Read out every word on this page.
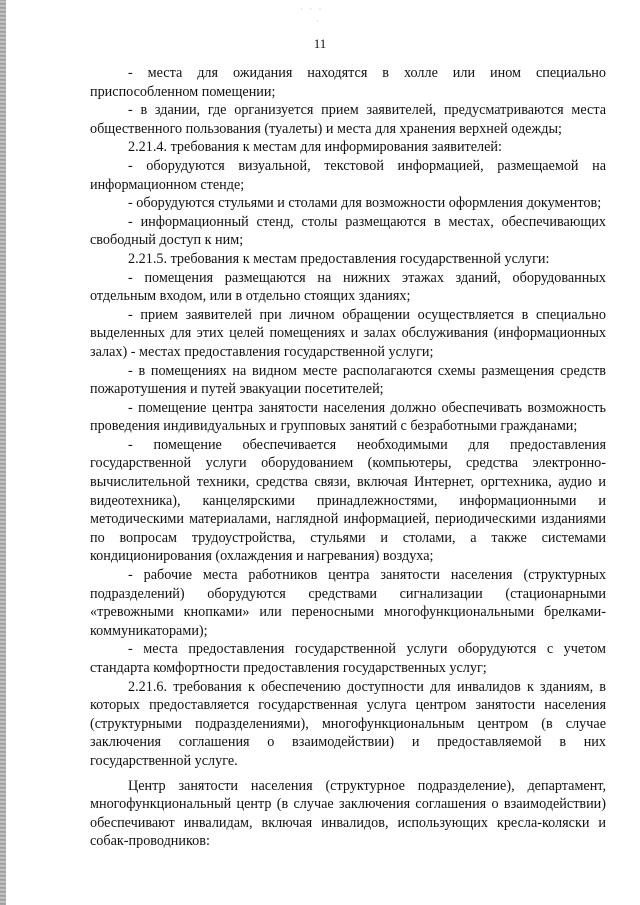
· · ·
·
11

- места для ожидания находятся в холле или ином специально приспособленном помещении;

- в здании, где организуется прием заявителей, предусматриваются места общественного пользования (туалеты) и места для хранения верхней одежды;

2.21.4. требования к местам для информирования заявителей:

- оборудуются визуальной, текстовой информацией, размещаемой на информационном стенде;

- оборудуются стульями и столами для возможности оформления документов;

- информационный стенд, столы размещаются в местах, обеспечивающих свободный доступ к ним;

2.21.5. требования к местам предоставления государственной услуги:

- помещения размещаются на нижних этажах зданий, оборудованных отдельным входом, или в отдельно стоящих зданиях;

- прием заявителей при личном обращении осуществляется в специально выделенных для этих целей помещениях и залах обслуживания (информационных залах) - местах предоставления государственной услуги;

- в помещениях на видном месте располагаются схемы размещения средств пожаротушения и путей эвакуации посетителей;

- помещение центра занятости населения должно обеспечивать возможность проведения индивидуальных и групповых занятий с безработными гражданами;

- помещение обеспечивается необходимыми для предоставления государственной услуги оборудованием (компьютеры, средства электронно-вычислительной техники, средства связи, включая Интернет, оргтехника, аудио и видеотехника), канцелярскими принадлежностями, информационными и методическими материалами, наглядной информацией, периодическими изданиями по вопросам трудоустройства, стульями и столами, а также системами кондиционирования (охлаждения и нагревания) воздуха;

- рабочие места работников центра занятости населения (структурных подразделений) оборудуются средствами сигнализации (стационарными «тревожными кнопками» или переносными многофункциональными брелками-коммуникаторами);

- места предоставления государственной услуги оборудуются с учетом стандарта комфортности предоставления государственных услуг;

2.21.6. требования к обеспечению доступности для инвалидов к зданиям, в которых предоставляется государственная услуга центром занятости населения (структурными подразделениями), многофункциональным центром (в случае заключения соглашения о взаимодействии) и предоставляемой в них государственной услуге.

Центр занятости населения (структурное подразделение), департамент, многофункциональный центр (в случае заключения соглашения о взаимодействии) обеспечивают инвалидам, включая инвалидов, использующих кресла-коляски и собак-проводников:
